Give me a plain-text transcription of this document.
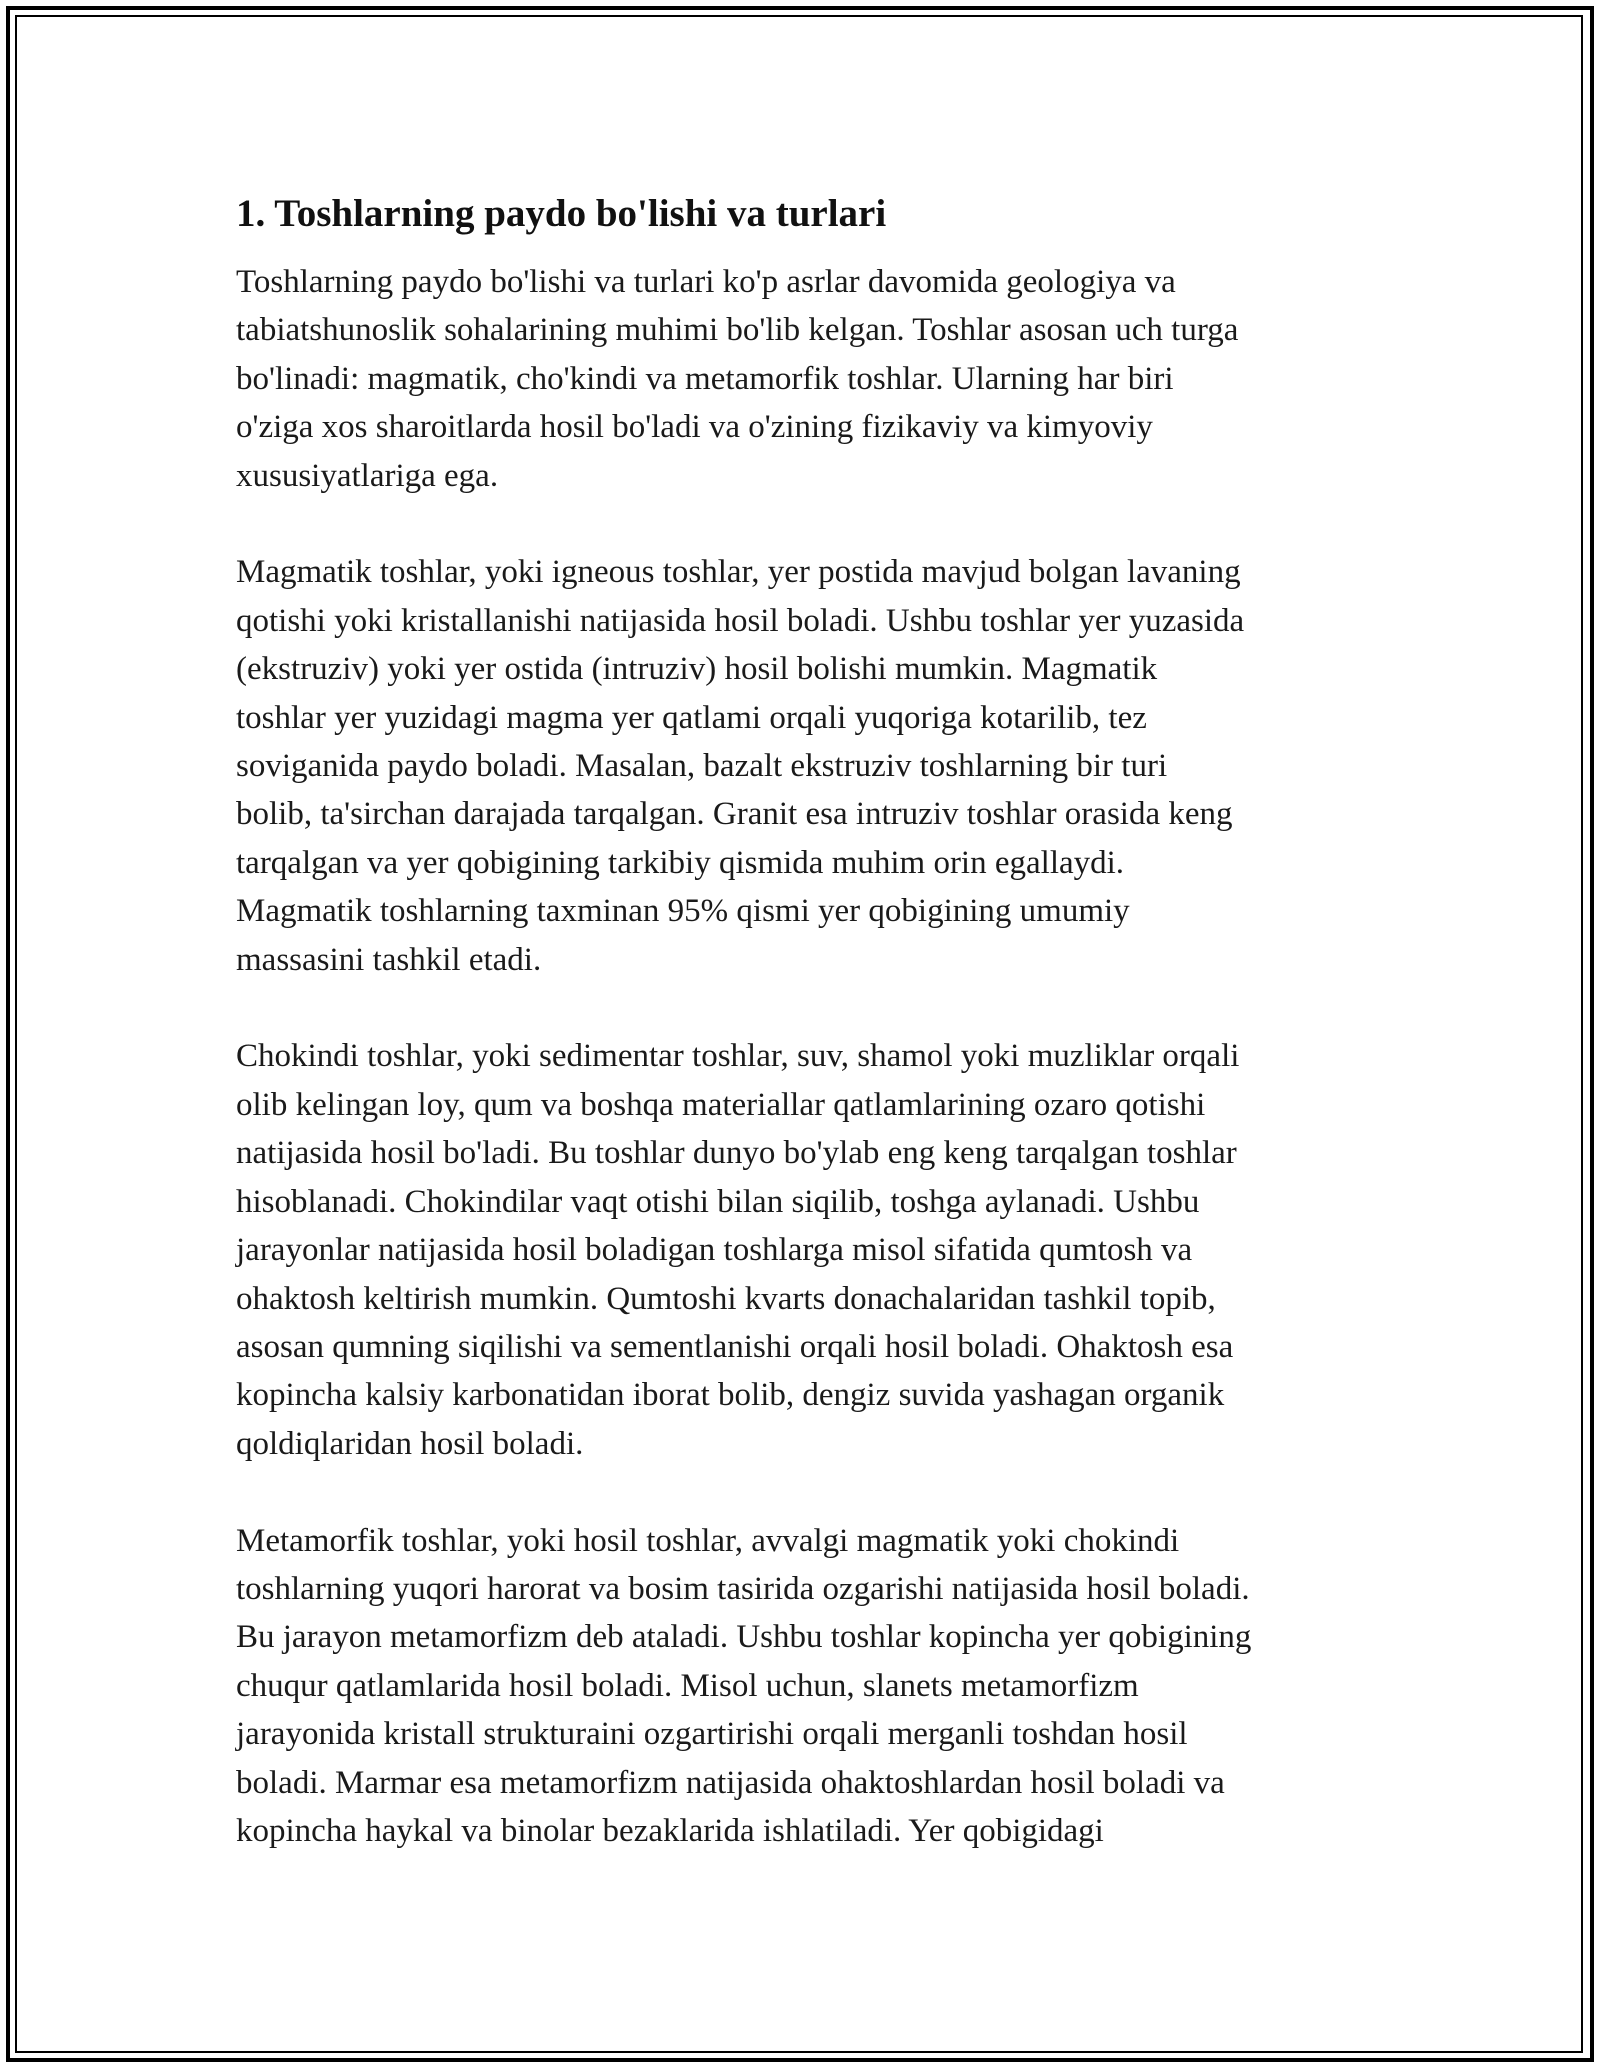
1. Toshlarning paydo bo'lishi va turlari

Toshlarning paydo bo'lishi va turlari ko'p asrlar davomida geologiya va
tabiatshunoslik sohalarining muhimi bo'lib kelgan. Toshlar asosan uch turga
bo'linadi: magmatik, cho'kindi va metamorfik toshlar. Ularning har biri
o'ziga xos sharoitlarda hosil bo'ladi va o'zining fizikaviy va kimyoviy
xususiyatlariga ega.

Magmatik toshlar, yoki igneous toshlar, yer postida mavjud bolgan lavaning
qotishi yoki kristallanishi natijasida hosil boladi. Ushbu toshlar yer yuzasida
(ekstruziv) yoki yer ostida (intruziv) hosil bolishi mumkin. Magmatik
toshlar yer yuzidagi magma yer qatlami orqali yuqoriga kotarilib, tez
soviganida paydo boladi. Masalan, bazalt ekstruziv toshlarning bir turi
bolib, ta'sirchan darajada tarqalgan. Granit esa intruziv toshlar orasida keng
tarqalgan va yer qobigining tarkibiy qismida muhim orin egallaydi.
Magmatik toshlarning taxminan 95% qismi yer qobigining umumiy
massasini tashkil etadi.

Chokindi toshlar, yoki sedimentar toshlar, suv, shamol yoki muzliklar orqali
olib kelingan loy, qum va boshqa materiallar qatlamlarining ozaro qotishi
natijasida hosil bo'ladi. Bu toshlar dunyo bo'ylab eng keng tarqalgan toshlar
hisoblanadi. Chokindilar vaqt otishi bilan siqilib, toshga aylanadi. Ushbu
jarayonlar natijasida hosil boladigan toshlarga misol sifatida qumtosh va
ohaktosh keltirish mumkin. Qumtoshi kvarts donachalaridan tashkil topib,
asosan qumning siqilishi va sementlanishi orqali hosil boladi. Ohaktosh esa
kopincha kalsiy karbonatidan iborat bolib, dengiz suvida yashagan organik
qoldiqlaridan hosil boladi.

Metamorfik toshlar, yoki hosil toshlar, avvalgi magmatik yoki chokindi
toshlarning yuqori harorat va bosim tasirida ozgarishi natijasida hosil boladi.
Bu jarayon metamorfizm deb ataladi. Ushbu toshlar kopincha yer qobigining
chuqur qatlamlarida hosil boladi. Misol uchun, slanets metamorfizm
jarayonida kristall strukturaini ozgartirishi orqali merganli toshdan hosil
boladi. Marmar esa metamorfizm natijasida ohaktoshlardan hosil boladi va
kopincha haykal va binolar bezaklarida ishlatiladi. Yer qobigidagi
